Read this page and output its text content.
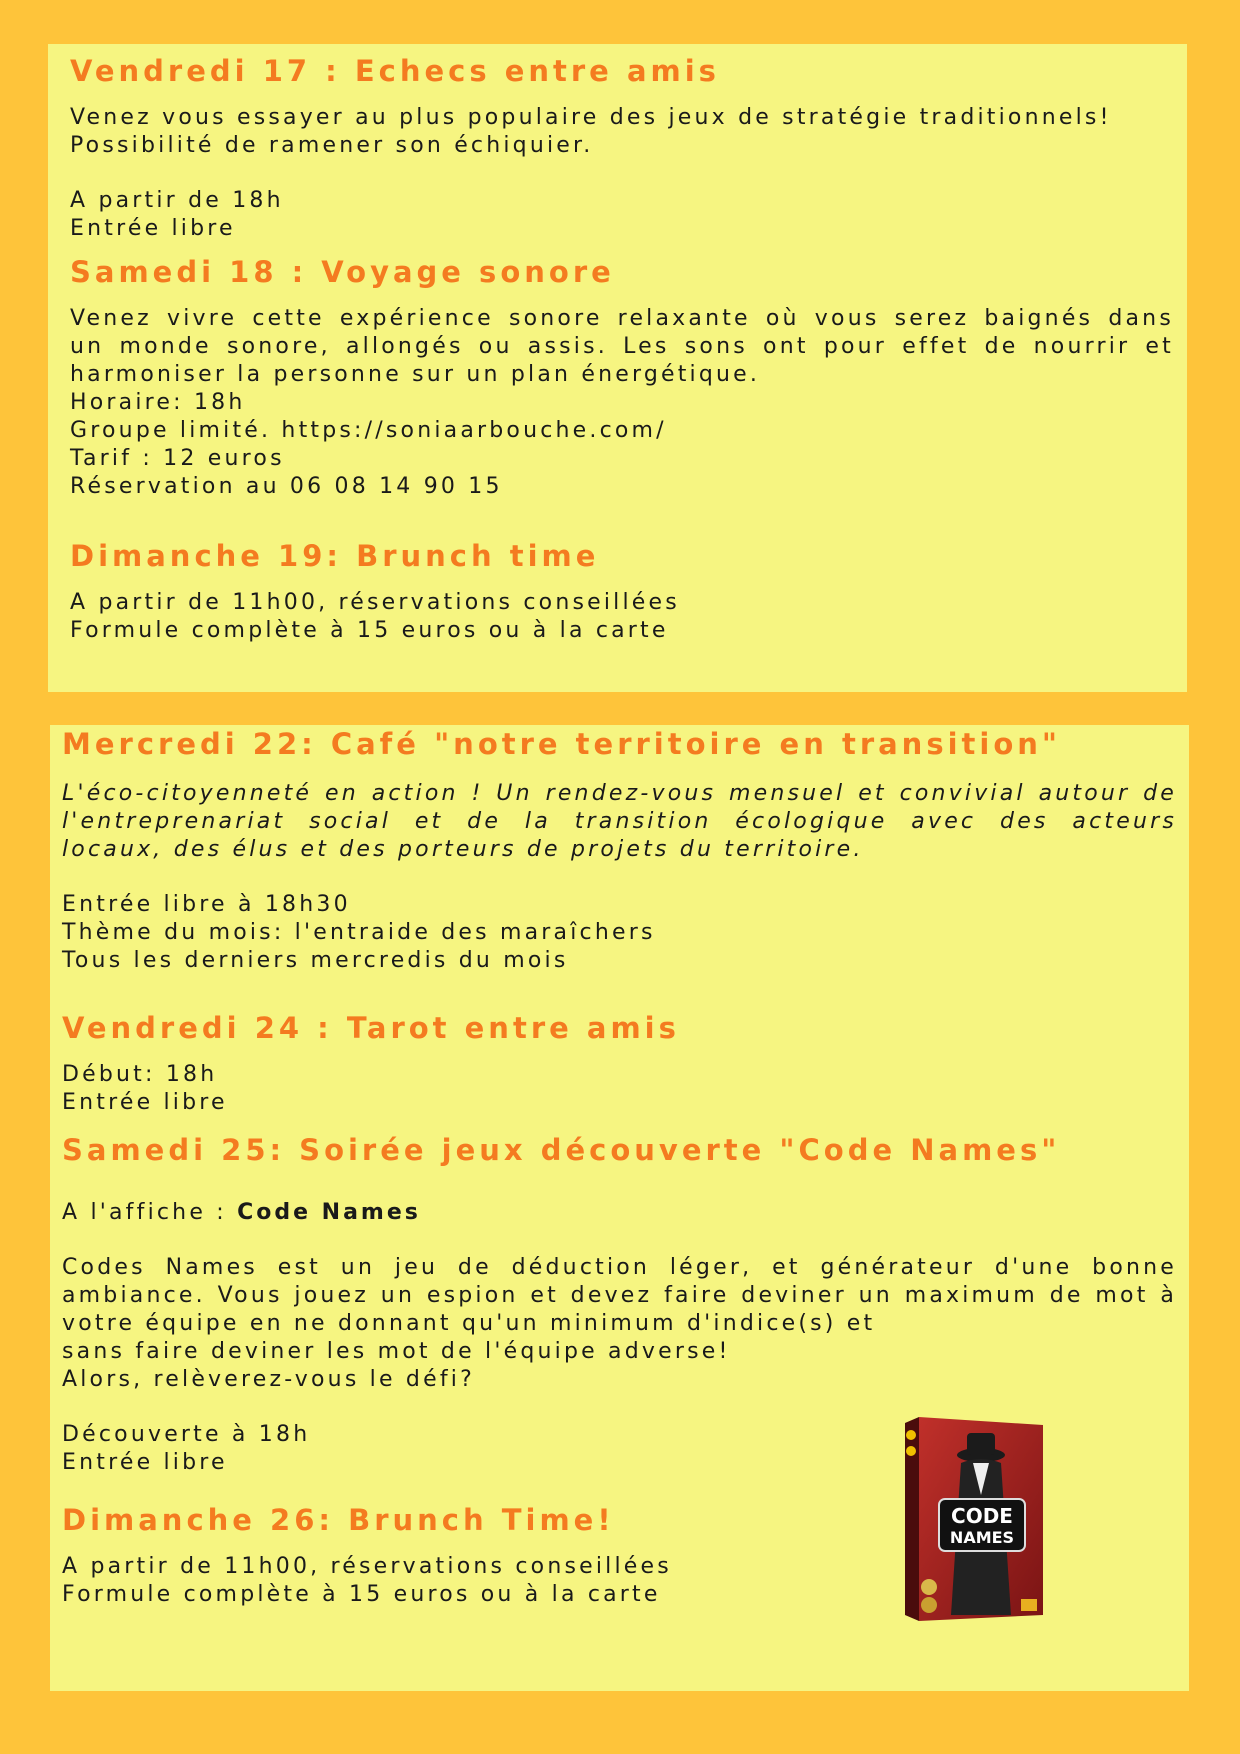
Vendredi 17 : Echecs entre amis

Venez vous essayer au plus populaire des jeux de stratégie traditionnels!

Possibilité de ramener son échiquier.

A partir de 18h

Entrée libre

Samedi 18 : Voyage sonore

Venez vivre cette expérience sonore relaxante où vous serez baignés dans

un monde sonore, allongés ou assis. Les sons ont pour effet de nourrir et

harmoniser la personne sur un plan énergétique.

Horaire: 18h

Groupe limité. https://soniaarbouche.com/

Tarif : 12 euros

Réservation au 06 08 14 90 15

Dimanche 19: Brunch time

A partir de 11h00, réservations conseillées

Formule complète à 15 euros ou à la carte

Mercredi 22: Café "notre territoire en transition"

L'éco-citoyenneté en action ! Un rendez-vous mensuel et convivial autour de

l'entreprenariat social et de la transition écologique avec des acteurs

locaux, des élus et des porteurs de projets du territoire.

Entrée libre à 18h30

Thème du mois: l'entraide des maraîchers

Tous les derniers mercredis du mois

Vendredi 24 : Tarot entre amis

Début: 18h

Entrée libre

Samedi 25: Soirée jeux découverte "Code Names"

A l'affiche : Code Names

Codes Names est un jeu de déduction léger, et générateur d'une bonne

ambiance. Vous jouez un espion et devez faire deviner un maximum de mot à

votre équipe en ne donnant qu'un minimum d'indice(s) et

sans faire deviner les mot de l'équipe adverse!

Alors, relèverez-vous le défi?

Découverte à 18h

Entrée libre

Dimanche 26: Brunch Time!

A partir de 11h00, réservations conseillées

Formule complète à 15 euros ou à la carte

CODE
NAMES
